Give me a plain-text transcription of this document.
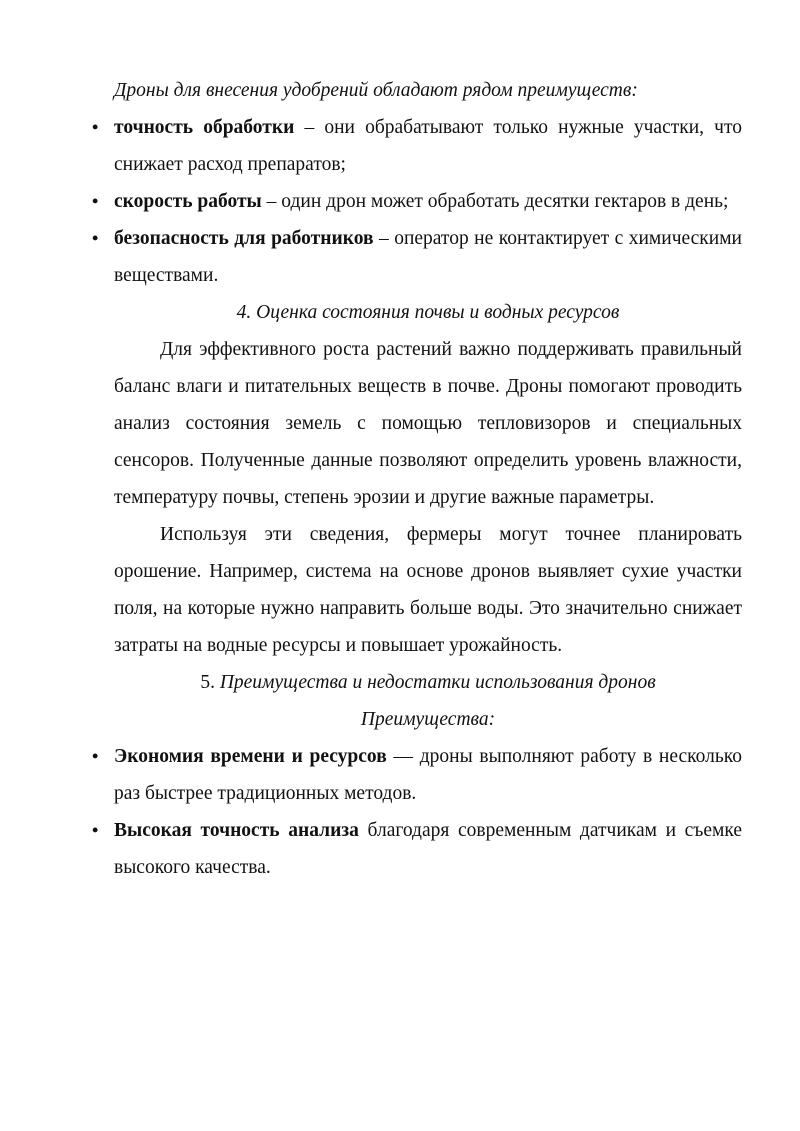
Дроны для внесения удобрений обладают рядом преимуществ:

• точность обработки – они обрабатывают только нужные участки, что снижает расход препаратов;
• скорость работы – один дрон может обработать десятки гектаров в день;
• безопасность для работников – оператор не контактирует с химическими веществами.

4. Оценка состояния почвы и водных ресурсов

Для эффективного роста растений важно поддерживать правильный баланс влаги и питательных веществ в почве. Дроны помогают проводить анализ состояния земель с помощью тепловизоров и специальных сенсоров. Полученные данные позволяют определить уровень влажности, температуру почвы, степень эрозии и другие важные параметры.

Используя эти сведения, фермеры могут точнее планировать орошение. Например, система на основе дронов выявляет сухие участки поля, на которые нужно направить больше воды. Это значительно снижает затраты на водные ресурсы и повышает урожайность.

5. Преимущества и недостатки использования дронов

Преимущества:

• Экономия времени и ресурсов — дроны выполняют работу в несколько раз быстрее традиционных методов.
• Высокая точность анализа благодаря современным датчикам и съемке высокого качества.
